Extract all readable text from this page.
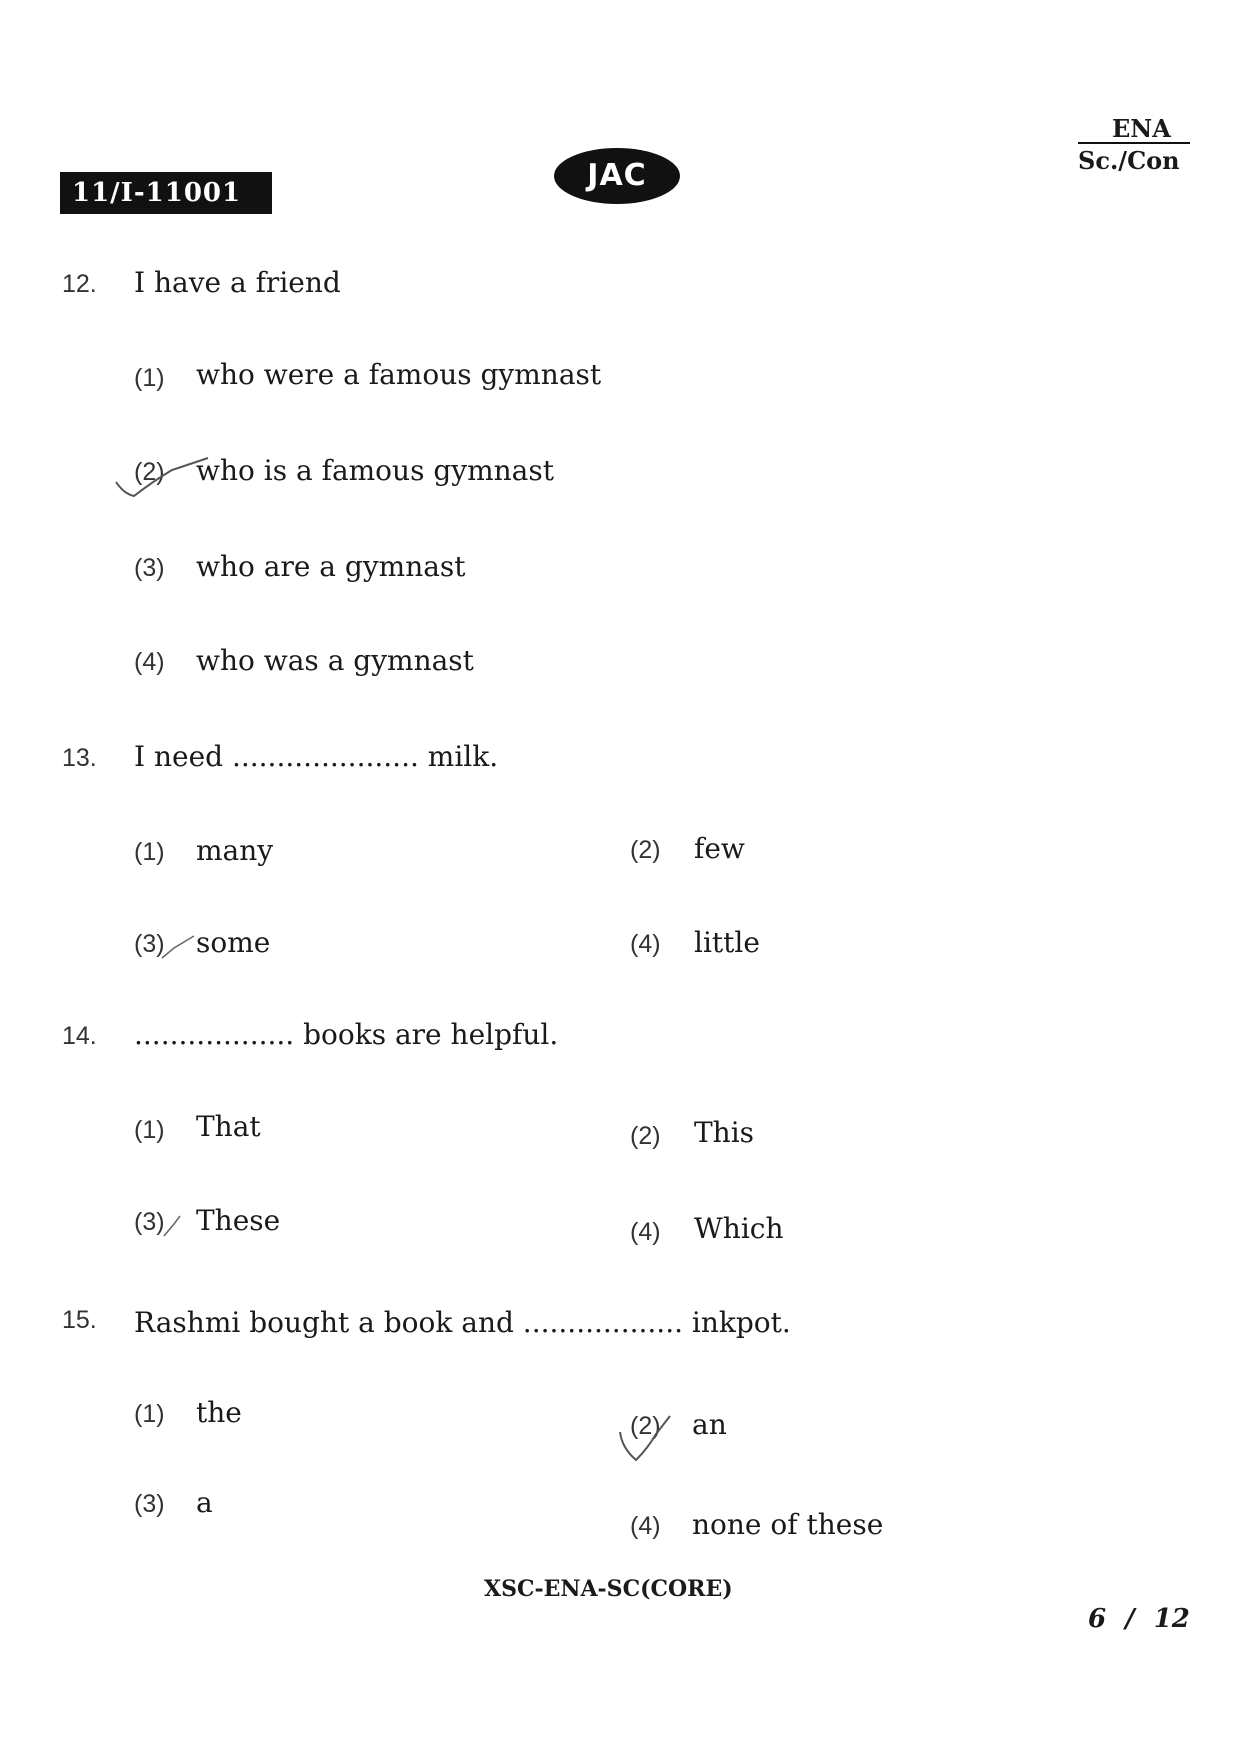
11/I-11001	JAC
ENA
Sc./Con
12. I have a friend
(1) who were a famous gymnast
(2) who is a famous gymnast
(3) who are a gymnast
(4) who was a gymnast
13. I need ..................... milk.
(1) many	(2) few
(3) some	(4) little
14. .................. books are helpful.
(1) That	(2) This
(3) These	(4) Which
15. Rashmi bought a book and .................. inkpot.
(1) the	(2) an
(3) a
(4) none of these
XSC-ENA-SC(CORE)
6 / 12
